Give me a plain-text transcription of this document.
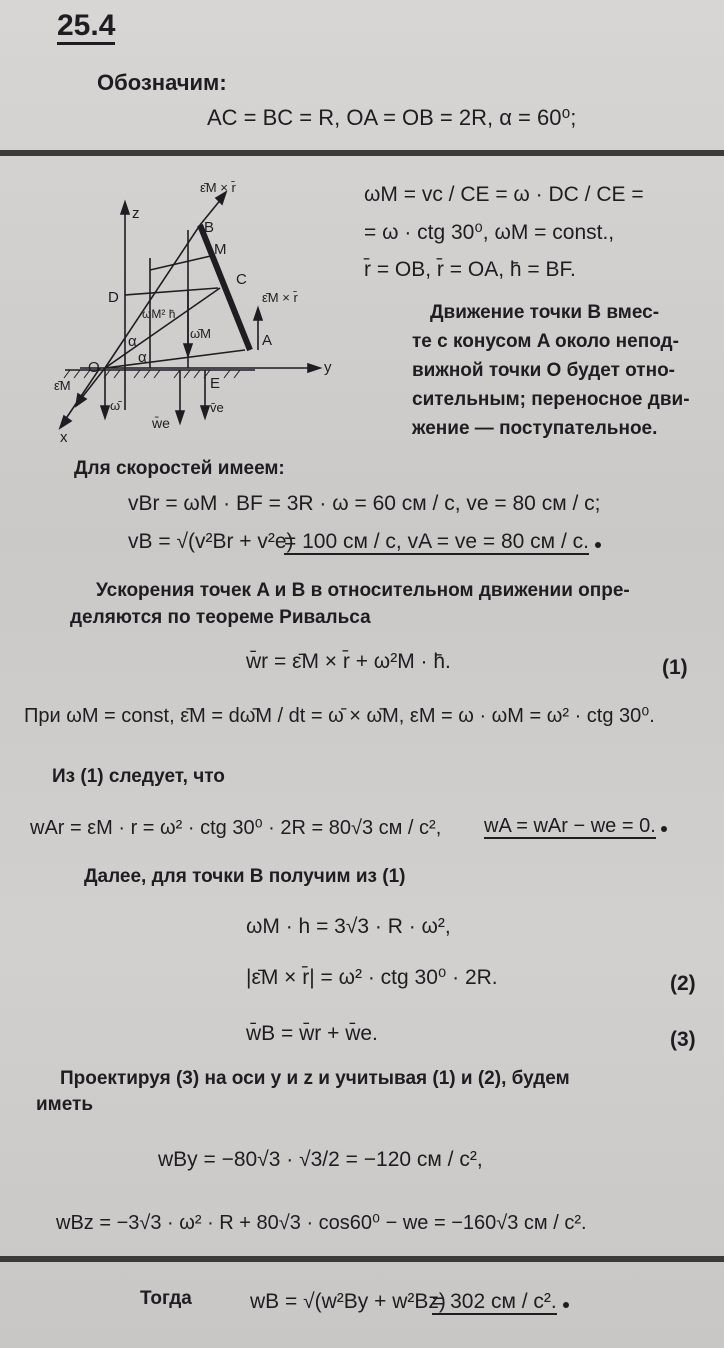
25.4
Обозначим:
AC = BC = R, OA = OB = 2R, α = 60⁰;
z
y
x
O
A
B
C
D
E
M
α
α
ε̄M × r̄
ε̄M × r̄
ωM² h̄
ω̄M
ε̄M
ω̄
w̄e
v̄e
ωM = vc / CE = ω · DC / CE =
= ω · ctg 30⁰, ωM = const.,
r̄ = OB, r̄ = OA, h̄ = BF.
Движение точки B вмес-
те с конусом A около непод-
вижной точки O будет отно-
сительным; переносное дви-
жение — поступательное.
Для скоростей имеем:
vBr = ωM · BF = 3R · ω = 60 см / с, ve = 80 см / с;
vB = √(v²Br + v²e)
= 100 см / с, vA = ve = 80 см / с.
Ускорения точек A и B в относительном движении опре-
деляются по теореме Ривальса
w̄r = ε̄M × r̄ + ω²M · h̄.	(1)
При ωM = const, ε̄M = dω̄M / dt = ω̄ × ω̄M, εM = ω · ωM = ω² · ctg 30⁰.
Из (1) следует, что
wAr = εM · r = ω² · ctg 30⁰ · 2R = 80√3 см / с², wA = wAr − we = 0.
Далее, для точки B получим из (1)
ωM · h = 3√3 · R · ω²,
|ε̄M × r̄| = ω² · ctg 30⁰ · 2R.	(2)
w̄B = w̄r + w̄e.	(3)
Проектируя (3) на оси y и z и учитывая (1) и (2), будем
иметь
wBy = −80√3 · √3/2 = −120 см / с²,
wBz = −3√3 · ω² · R + 80√3 · cos60⁰ − we = −160√3 см / с².
Тогда	wB = √(w²By + w²Bz)
= 302 см / с².
